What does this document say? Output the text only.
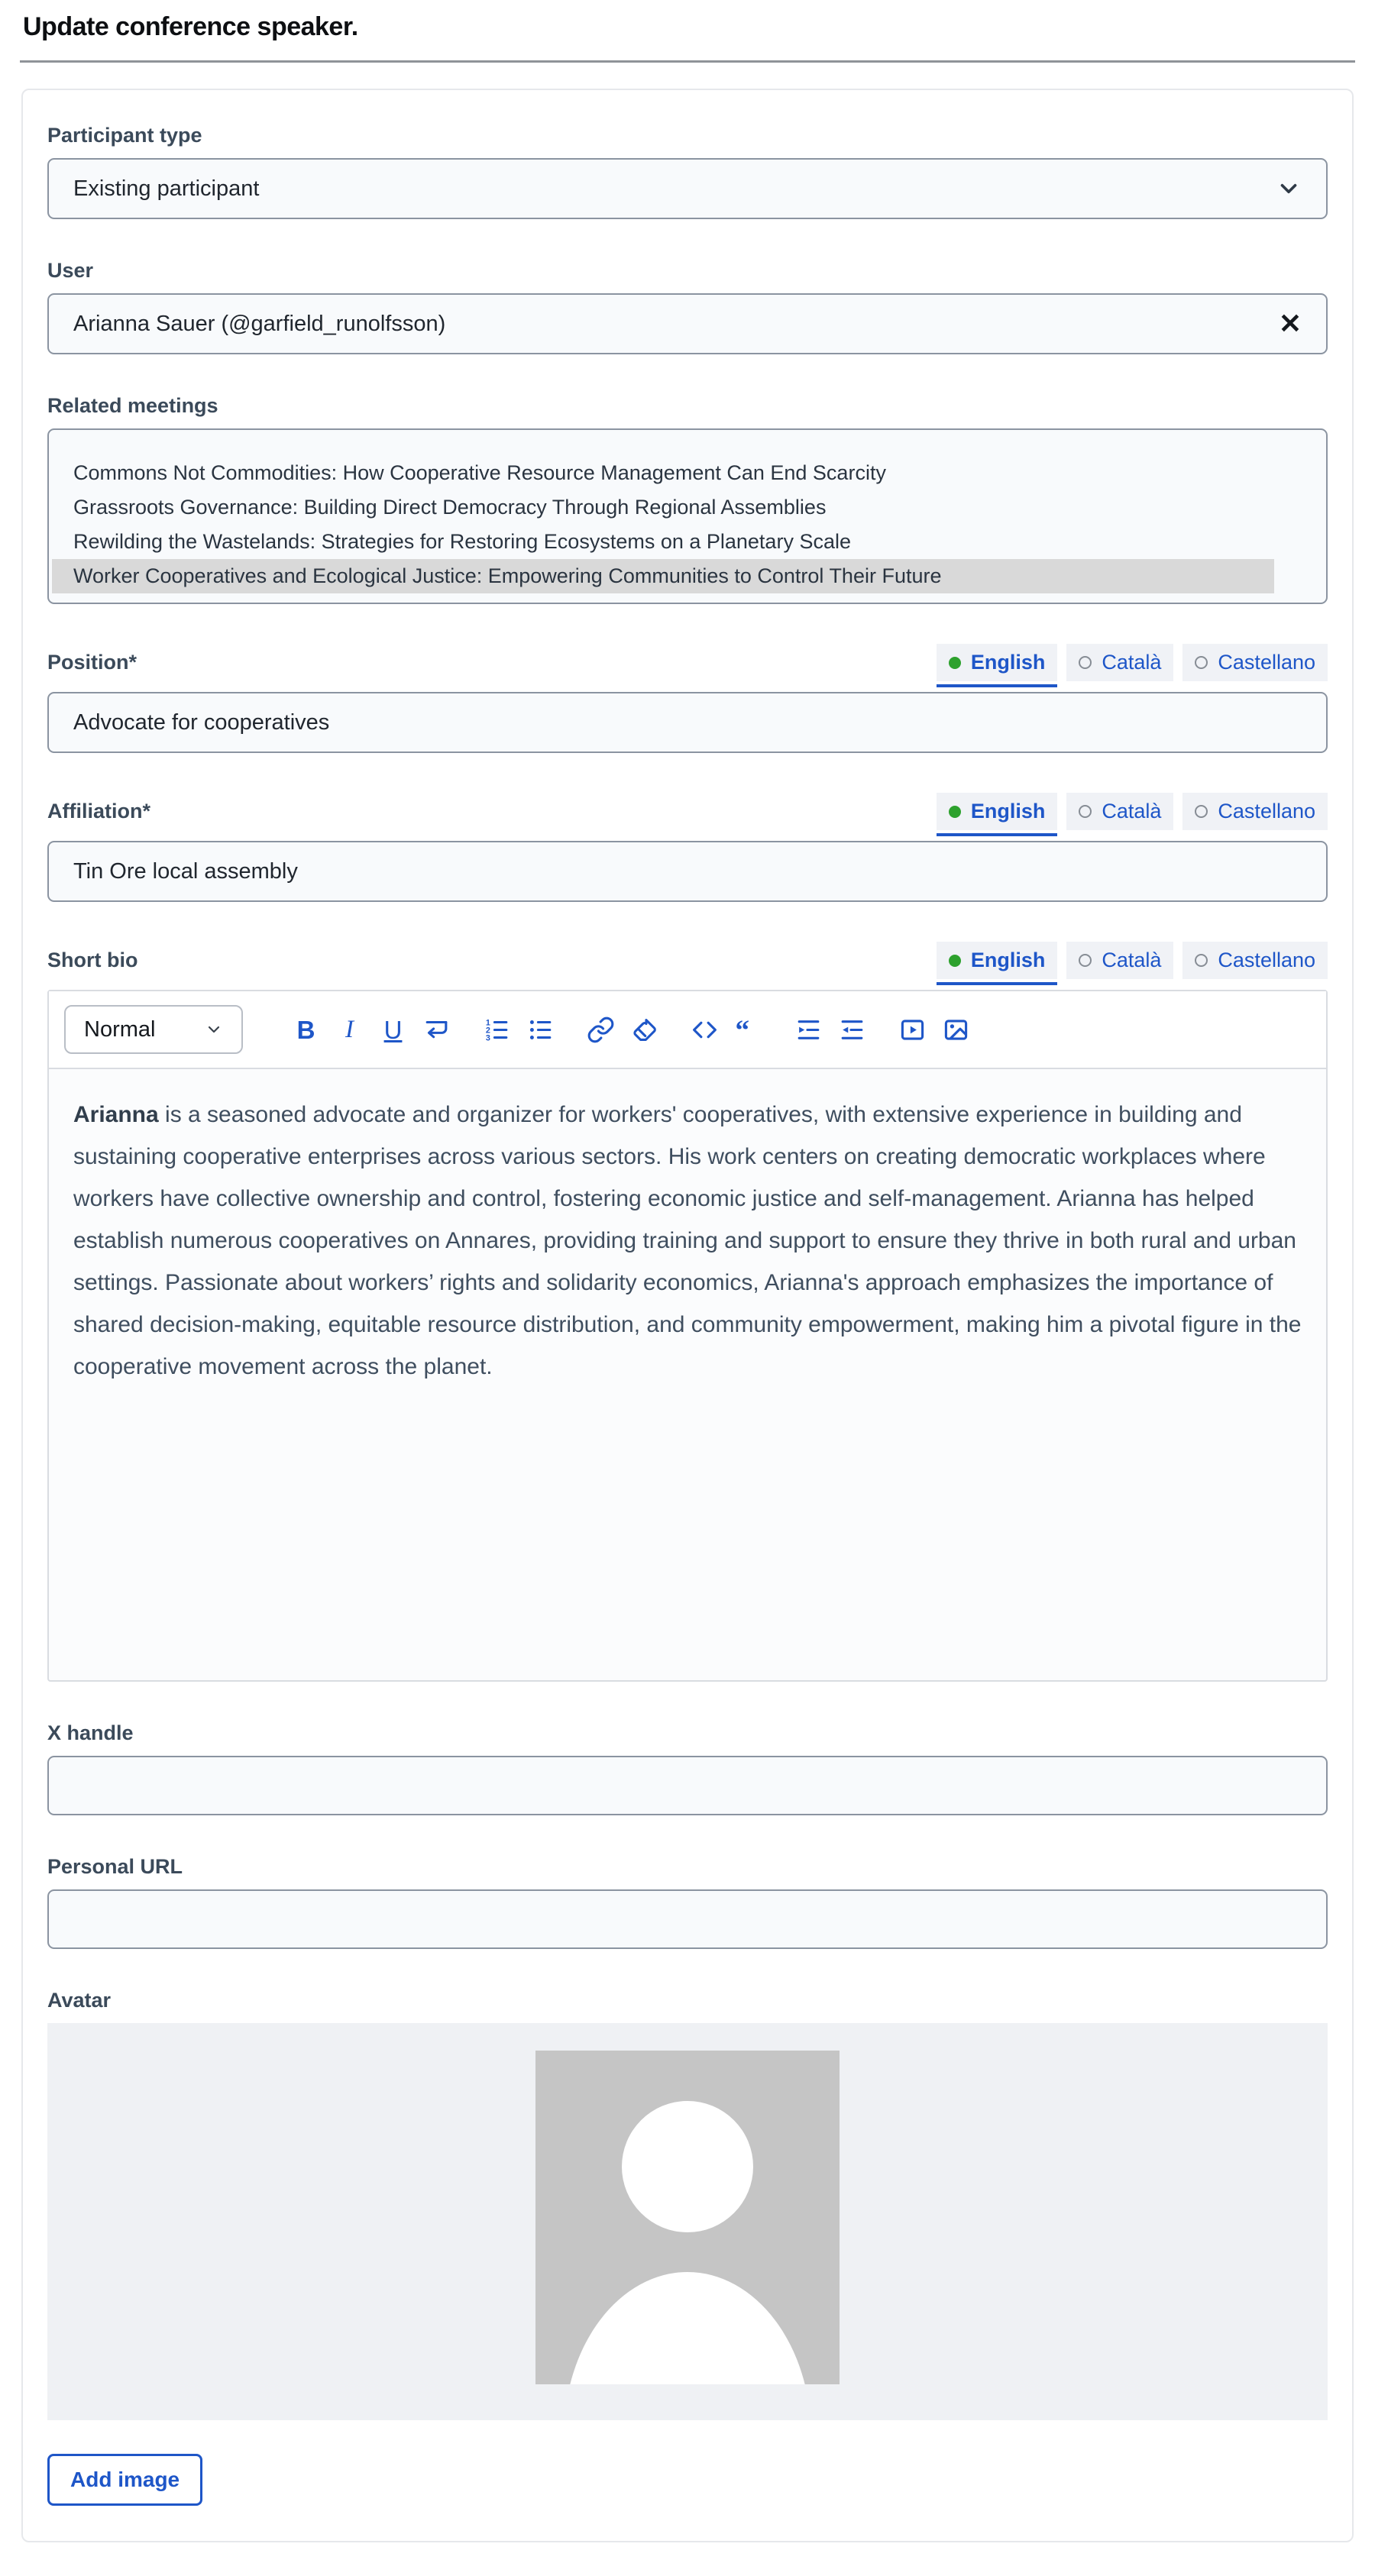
Update conference speaker.
Participant type
Existing participant
User
Arianna Sauer (@garfield_runolfsson)	✕
Related meetings
Commons Not Commodities: How Cooperative Resource Management Can End Scarcity
Grassroots Governance: Building Direct Democracy Through Regional Assemblies
Rewilding the Wastelands: Strategies for Restoring Ecosystems on a Planetary Scale
Worker Cooperatives and Ecological Justice: Empowering Communities to Control Their Future
Position*	English	Català	Castellano
Advocate for cooperatives
Affiliation*	English	Català	Castellano
Tin Ore local assembly
Short bio	English	Català	Castellano
Normal	B I U	1
2
3	“
Arianna is a seasoned advocate and organizer for workers' cooperatives, with extensive experience in building and sustaining cooperative enterprises across various sectors. His work centers on creating democratic workplaces where workers have collective ownership and control, fostering economic justice and self-management. Arianna has helped establish numerous cooperatives on Annares, providing training and support to ensure they thrive in both rural and urban settings. Passionate about workers’ rights and solidarity economics, Arianna's approach emphasizes the importance of shared decision-making, equitable resource distribution, and community empowerment, making him a pivotal figure in the cooperative movement across the planet.
X handle
Personal URL
Avatar
Add image
